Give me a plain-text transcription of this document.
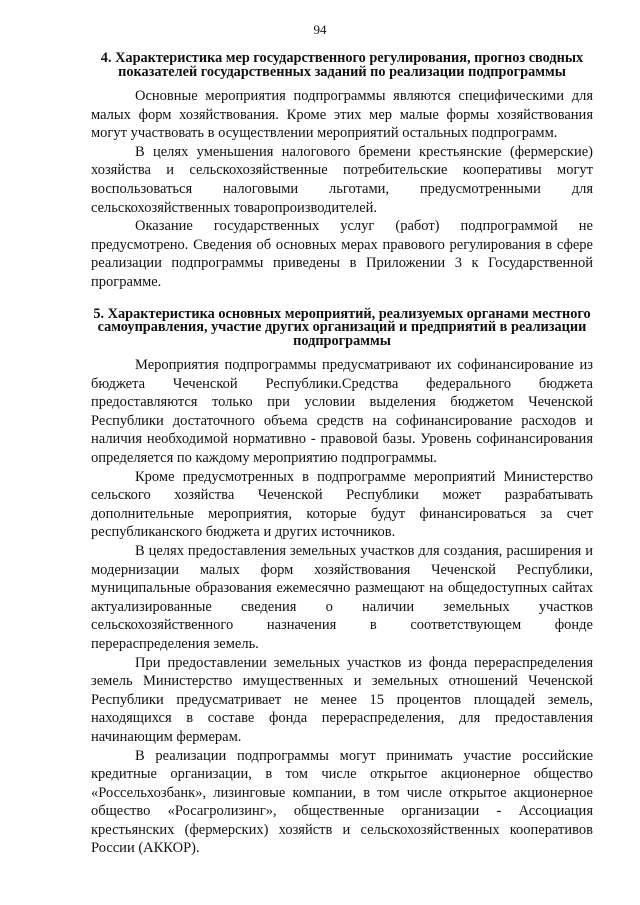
94
4. Характеристика мер государственного регулирования, прогноз сводных показателей государственных заданий по реализации подпрограммы

Основные мероприятия подпрограммы являются специфическими для малых форм хозяйствования. Кроме этих мер малые формы хозяйствования могут участвовать в осуществлении мероприятий остальных подпрограмм.

В целях уменьшения налогового бремени крестьянские (фермерские) хозяйства и сельскохозяйственные потребительские кооперативы могут воспользоваться налоговыми льготами, предусмотренными для сельскохозяйственных товаропроизводителей.

Оказание государственных услуг (работ) подпрограммой не предусмотрено. Сведения об основных мерах правового регулирования в сфере реализации подпрограммы приведены в Приложении 3 к Государственной программе.

5. Характеристика основных мероприятий, реализуемых органами местного самоуправления, участие других организаций и предприятий в реализации подпрограммы

Мероприятия подпрограммы предусматривают их софинансирование из бюджета Чеченской Республики.Средства федерального бюджета предоставляются только при условии выделения бюджетом Чеченской Республики достаточного объема средств на софинансирование расходов и наличия необходимой нормативно - правовой базы. Уровень софинансирования определяется по каждому мероприятию подпрограммы.

Кроме предусмотренных в подпрограмме мероприятий Министерство сельского хозяйства Чеченской Республики может разрабатывать дополнительные мероприятия, которые будут финансироваться за счет республиканского бюджета и других источников.

В целях предоставления земельных участков для создания, расширения и модернизации малых форм хозяйствования Чеченской Республики, муниципальные образования ежемесячно размещают на общедоступных сайтах актуализированные сведения о наличии земельных участков сельскохозяйственного назначения в соответствующем фонде перераспределения земель.

При предоставлении земельных участков из фонда перераспределения земель Министерство имущественных и земельных отношений Чеченской Республики предусматривает не менее 15 процентов площадей земель, находящихся в составе фонда перераспределения, для предоставления начинающим фермерам.

В реализации подпрограммы могут принимать участие российские кредитные организации, в том числе открытое акционерное общество «Россельхозбанк», лизинговые компании, в том числе открытое акционерное общество «Росагролизинг», общественные организации - Ассоциация крестьянских (фермерских) хозяйств и сельскохозяйственных кооперативов России (АККОР).
